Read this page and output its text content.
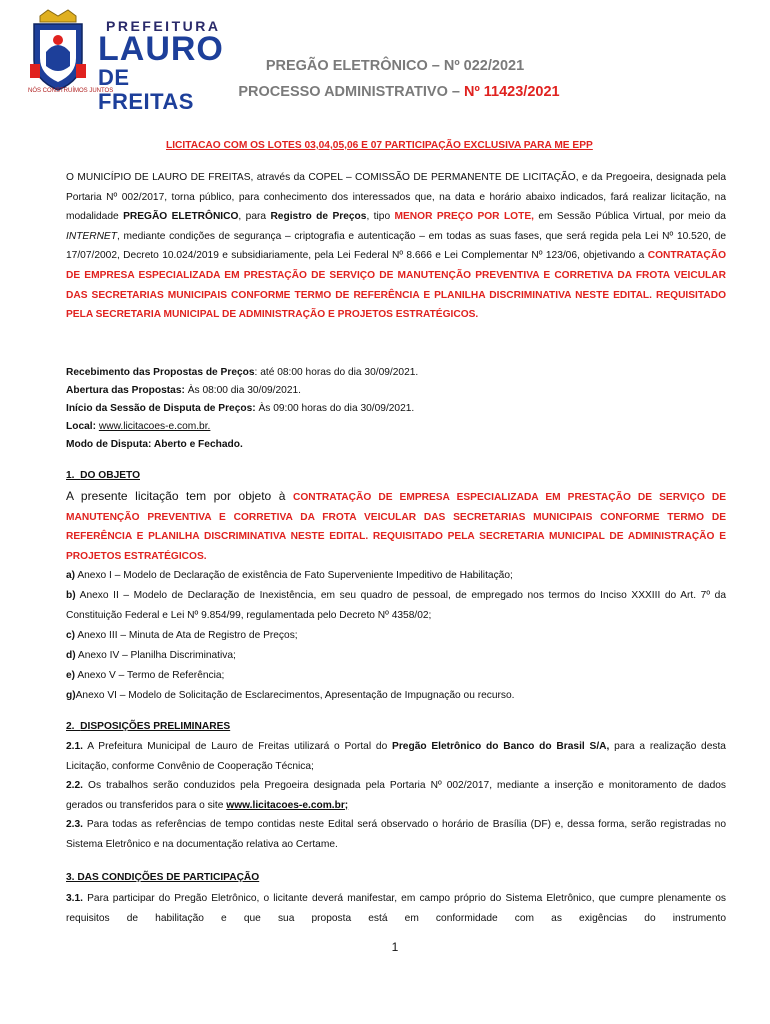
PREFEITURA
LAURO
DE FREITAS
NÓS CONSTRUÍMOS JUNTOS
PREGÃO ELETRÔNICO – Nº 022/2021
PROCESSO ADMINISTRATIVO – Nº 11423/2021
LICITACAO COM OS LOTES 03,04,05,06 E 07 PARTICIPAÇÃO EXCLUSIVA PARA ME EPP
O MUNICÍPIO DE LAURO DE FREITAS, através da COPEL – COMISSÃO DE PERMANENTE DE LICITAÇÃO, e da Pregoeira, designada pela Portaria Nº 002/2017, torna público, para conhecimento dos interessados que, na data e horário abaixo indicados, fará realizar licitação, na modalidade PREGÃO ELETRÔNICO, para Registro de Preços, tipo MENOR PREÇO POR LOTE, em Sessão Pública Virtual, por meio da INTERNET, mediante condições de segurança – criptografia e autenticação – em todas as suas fases, que será regida pela Lei Nº 10.520, de 17/07/2002, Decreto 10.024/2019 e subsidiariamente, pela Lei Federal Nº 8.666 e Lei Complementar Nº 123/06, objetivando a CONTRATAÇÃO DE EMPRESA ESPECIALIZADA EM PRESTAÇÃO DE SERVIÇO DE MANUTENÇÃO PREVENTIVA E CORRETIVA DA FROTA VEICULAR DAS SECRETARIAS MUNICIPAIS CONFORME TERMO DE REFERÊNCIA E PLANILHA DISCRIMINATIVA NESTE EDITAL. REQUISITADO PELA SECRETARIA MUNICIPAL DE ADMINISTRAÇÃO E PROJETOS ESTRATÉGICOS.
Recebimento das Propostas de Preços: até 08:00 horas do dia 30/09/2021.
Abertura das Propostas: Às 08:00 dia 30/09/2021.
Início da Sessão de Disputa de Preços: Às 09:00 horas do dia 30/09/2021.
Local: www.licitacoes-e.com.br.
Modo de Disputa: Aberto e Fechado.
1. DO OBJETO
A presente licitação tem por objeto à CONTRATAÇÃO DE EMPRESA ESPECIALIZADA EM PRESTAÇÃO DE SERVIÇO DE MANUTENÇÃO PREVENTIVA E CORRETIVA DA FROTA VEICULAR DAS SECRETARIAS MUNICIPAIS CONFORME TERMO DE REFERÊNCIA E PLANILHA DISCRIMINATIVA NESTE EDITAL. REQUISITADO PELA SECRETARIA MUNICIPAL DE ADMINISTRAÇÃO E PROJETOS ESTRATÉGICOS.
a) Anexo I – Modelo de Declaração de existência de Fato Superveniente Impeditivo de Habilitação;
b) Anexo II – Modelo de Declaração de Inexistência, em seu quadro de pessoal, de empregado nos termos do Inciso XXXIII do Art. 7º da Constituição Federal e Lei Nº 9.854/99, regulamentada pelo Decreto Nº 4358/02;
c) Anexo III – Minuta de Ata de Registro de Preços;
d) Anexo IV – Planilha Discriminativa;
e) Anexo V – Termo de Referência;
g)Anexo VI – Modelo de Solicitação de Esclarecimentos, Apresentação de Impugnação ou recurso.
2. DISPOSIÇÕES PRELIMINARES
2.1. A Prefeitura Municipal de Lauro de Freitas utilizará o Portal do Pregão Eletrônico do Banco do Brasil S/A, para a realização desta Licitação, conforme Convênio de Cooperação Técnica;
2.2. Os trabalhos serão conduzidos pela Pregoeira designada pela Portaria Nº 002/2017, mediante a inserção e monitoramento de dados gerados ou transferidos para o site www.licitacoes-e.com.br;
2.3. Para todas as referências de tempo contidas neste Edital será observado o horário de Brasília (DF) e, dessa forma, serão registradas no Sistema Eletrônico e na documentação relativa ao Certame.
3. DAS CONDIÇÕES DE PARTICIPAÇÃO
3.1. Para participar do Pregão Eletrônico, o licitante deverá manifestar, em campo próprio do Sistema Eletrônico, que cumpre plenamente os requisitos de habilitação e que sua proposta está em conformidade com as exigências do instrumento
1
